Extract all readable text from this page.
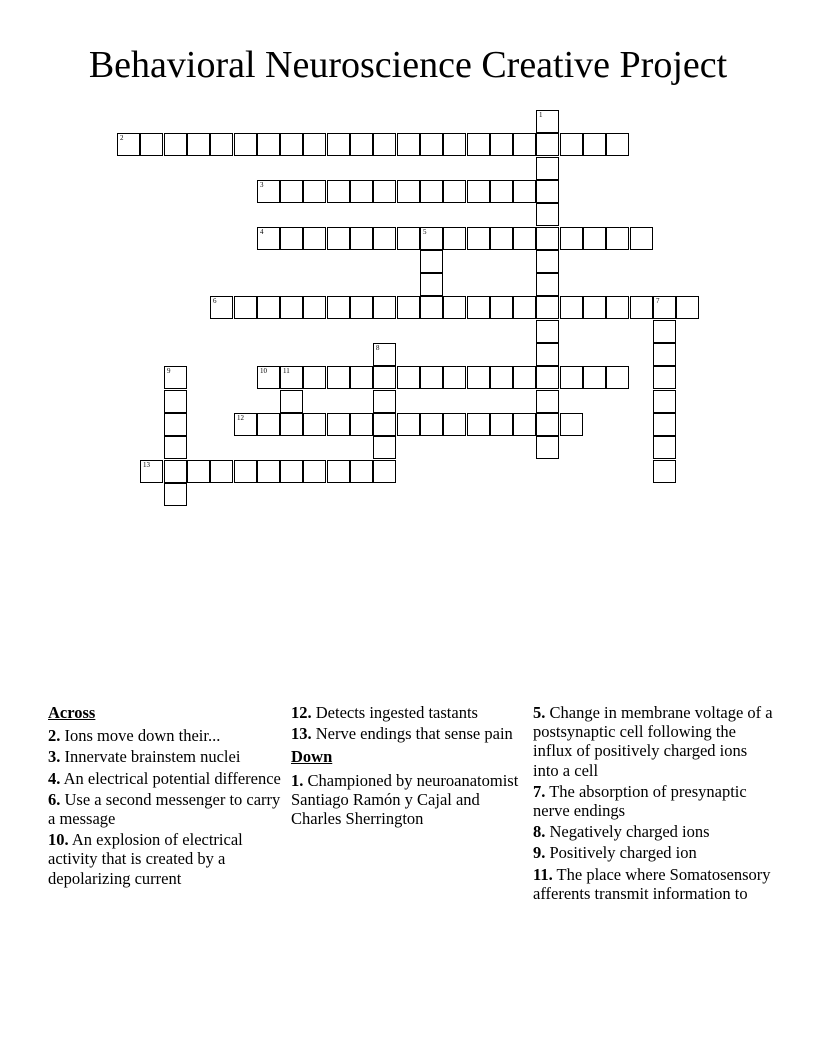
Behavioral Neuroscience Creative Project
1
2
3
4	5
6	7
8
9	10 11
12
13
Across
2. Ions move down their...
3. Innervate brainstem nuclei
4. An electrical potential difference
6. Use a second messenger to carry a message
10. An explosion of electrical activity that is created by a depolarizing current
12. Detects ingested tastants
13. Nerve endings that sense pain
Down
1. Championed by neuroanatomist Santiago Ramón y Cajal and Charles Sherrington
5. Change in membrane voltage of a postsynaptic cell following the influx of positively charged ions into a cell
7. The absorption of presynaptic nerve endings
8. Negatively charged ions
9. Positively charged ion
11. The place where Somatosensory afferents transmit information to
